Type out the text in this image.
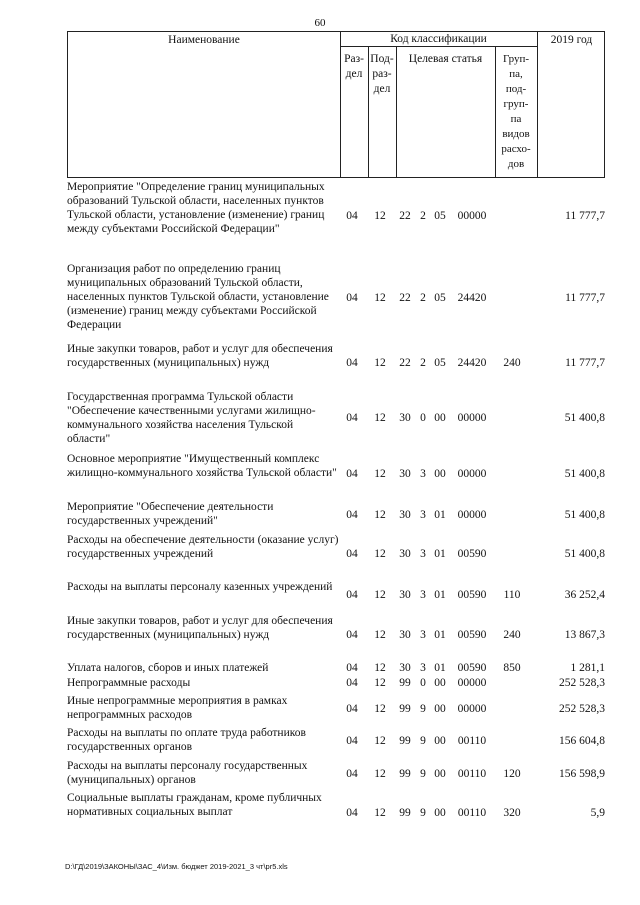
60
Наименование	Код классификации	2019 год
Раз-
дел
Под-
раз-
дел
Целевая статья	Груп-
па,
под-
груп-
па
видов
расхо-
дов
Мероприятие "Определение границ муниципальных образований Тульской области, населенных пунктов Тульской области, установление (изменение) границ между субъектами Российской Федерации"
04	12	22 2 05	00000	11 777,7
Организация работ по определению границ муниципальных образований Тульской области, населенных пунктов Тульской области, установление (изменение) границ между субъектами Российской Федерации
04	12	22 2 05	24420	11 777,7
Иные закупки товаров, работ и услуг для обеспечения государственных (муниципальных) нужд	04	12	22 2 05	24420	240	11 777,7
Государственная программа Тульской области "Обеспечение качественными услугами жилищно-коммунального хозяйства населения Тульской области"
04	12	30 0 00	00000	51 400,8
Основное мероприятие "Имущественный комплекс жилищно-коммунального хозяйства Тульской области" 04	12	30 3 00	00000	51 400,8
Мероприятие "Обеспечение деятельности государственных учреждений"	04	12	30 3 01	00000	51 400,8
Расходы на обеспечение деятельности (оказание услуг) государственных учреждений	04	12	30 3 01	00590	51 400,8
Расходы на выплаты персоналу казенных учреждений
04	12	30 3 01	00590	110	36 252,4
Иные закупки товаров, работ и услуг для обеспечения государственных (муниципальных) нужд	04	12	30 3 01	00590	240	13 867,3
Уплата налогов, сборов и иных платежей	04	12	30 3 01	00590	850	1 281,1
Непрограммные расходы	04	12	99 0 00	00000	252 528,3
Иные непрограммные мероприятия в рамках непрограммных расходов	04	12	99 9 00	00000	252 528,3
Расходы на выплаты по оплате труда работников государственных органов	04	12	99 9 00	00110	156 604,8
Расходы на выплаты персоналу государственных (муниципальных) органов	04	12	99 9 00	00110	120	156 598,9
Социальные выплаты гражданам, кроме публичных нормативных социальных выплат	04	12	99 9 00	00110	320	5,9
D:\ГД\2019\ЗАКОНЫ\ЗАС_4\Изм. бюджет 2019-2021_3 чт\pr5.xls
